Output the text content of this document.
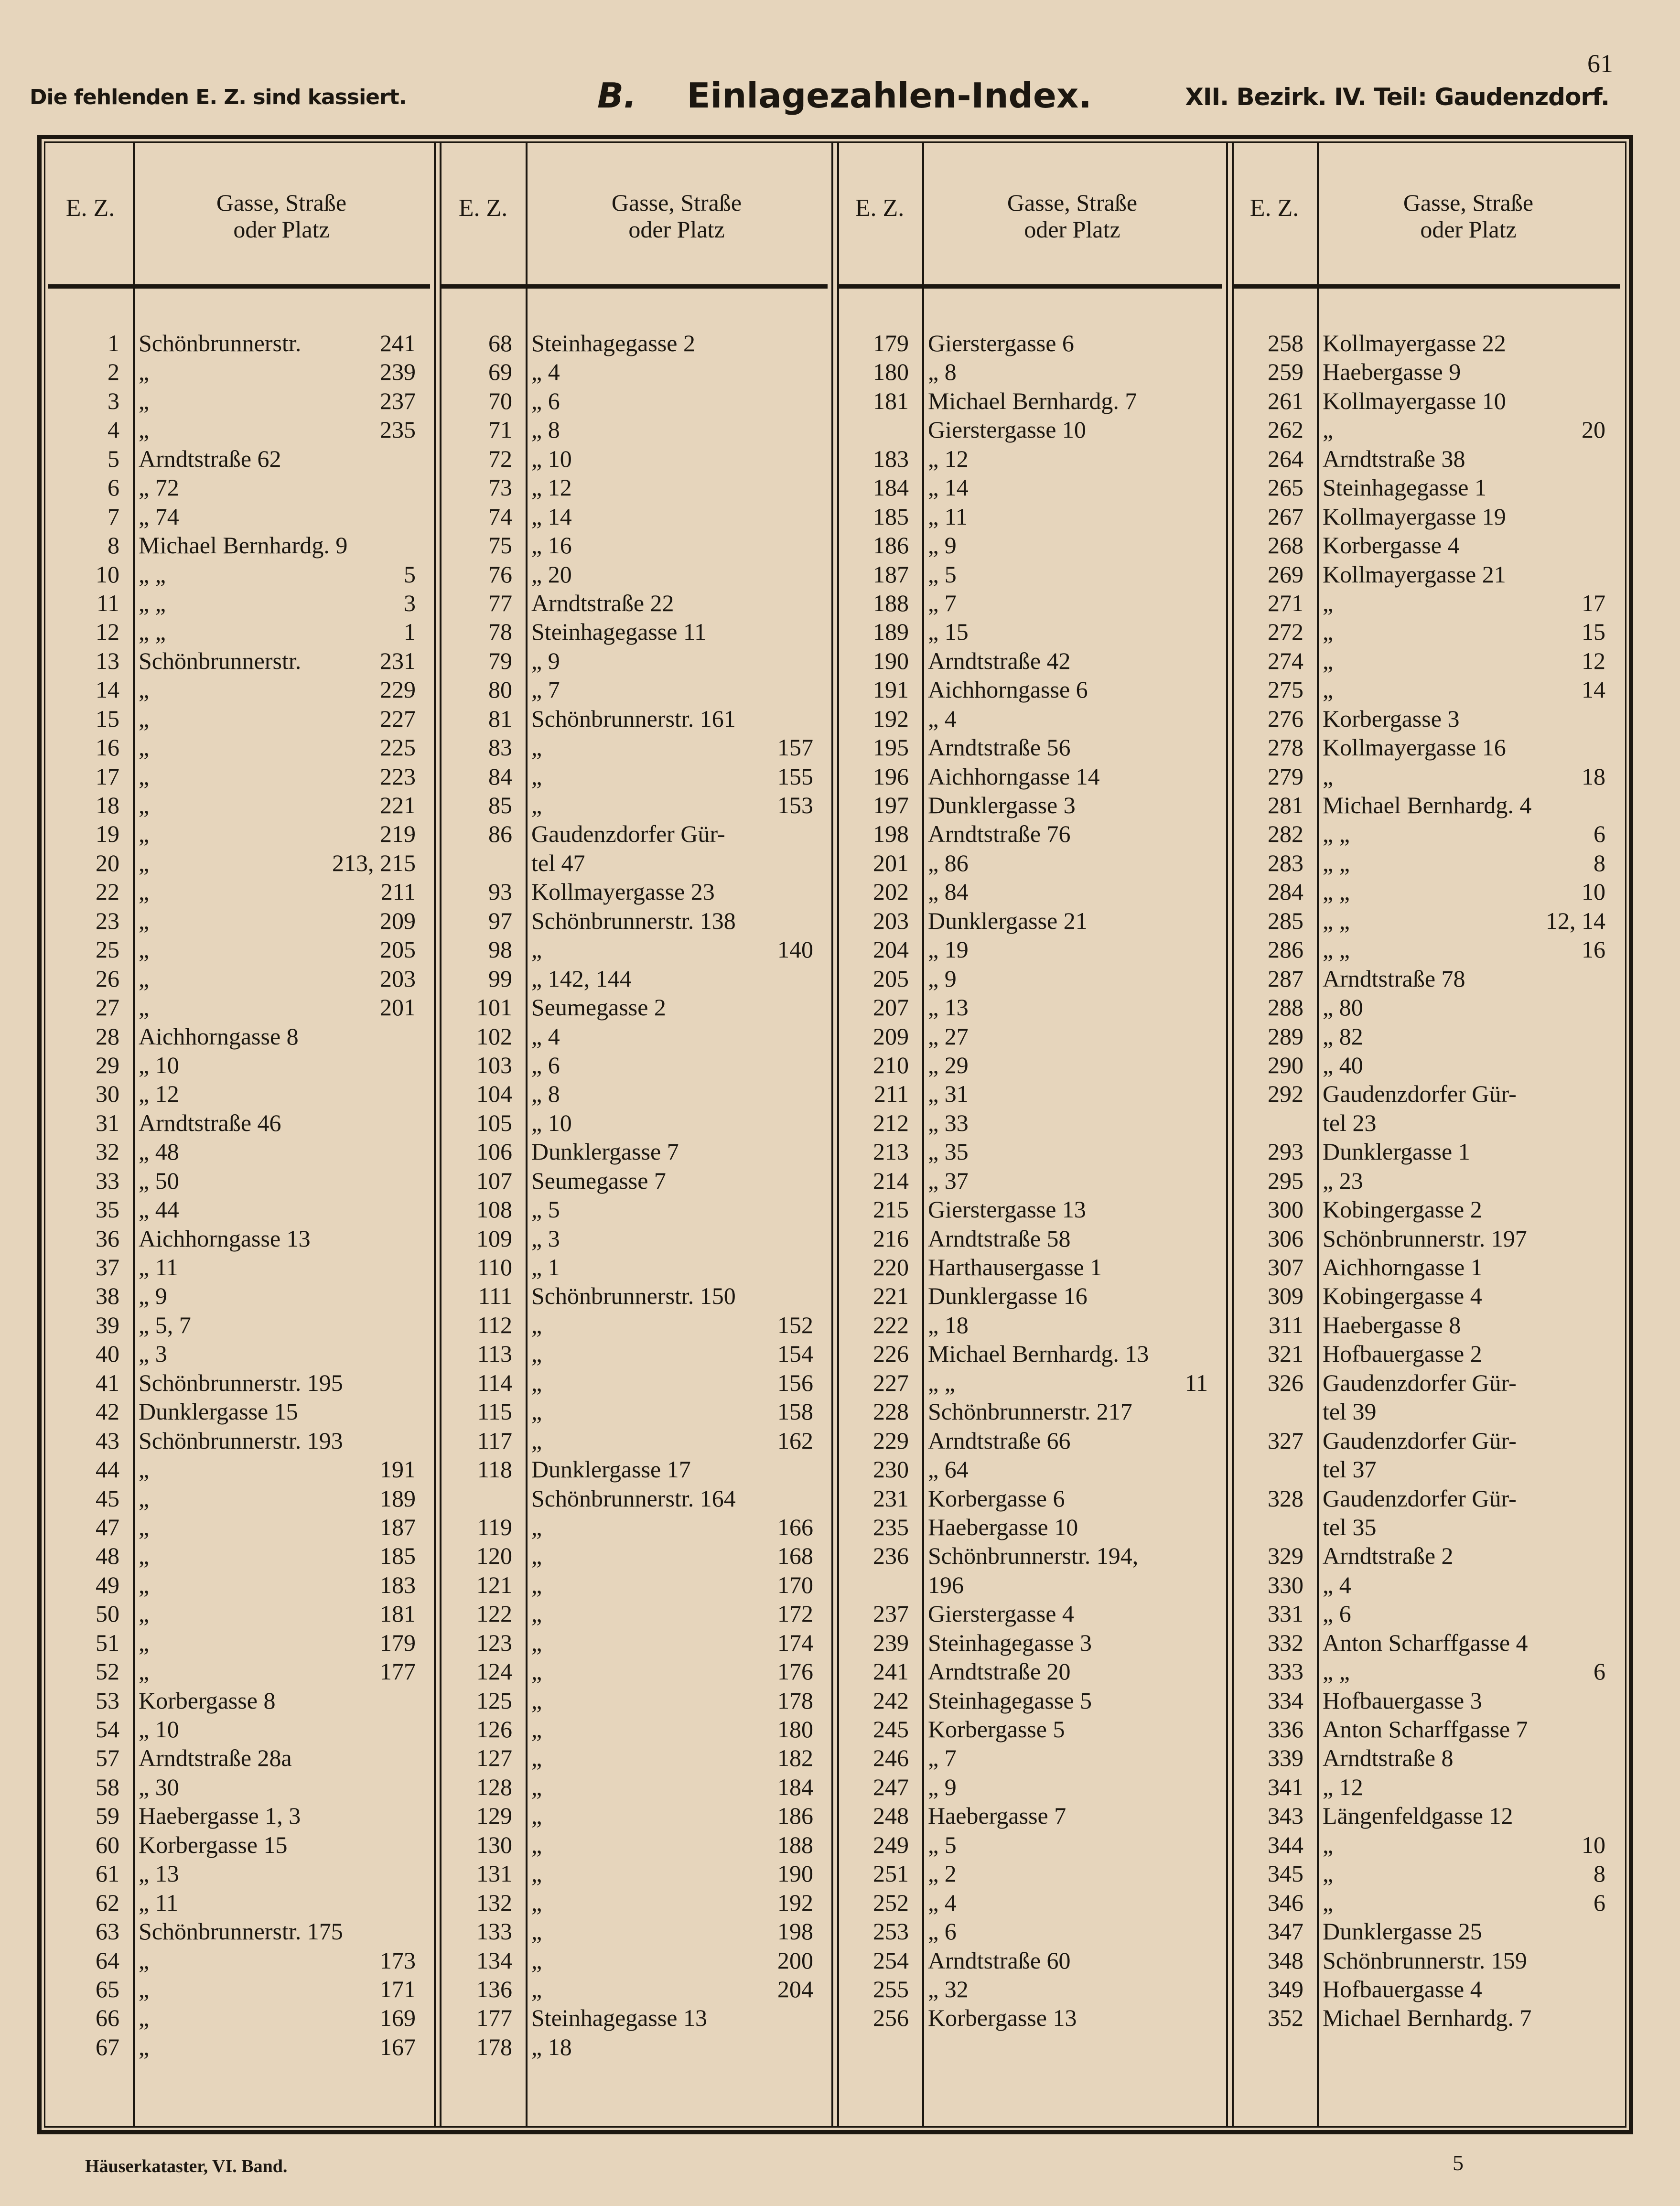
61
Die fehlenden E. Z. sind kassiert.	B. Einlagezahlen-Index.	XII. Bezirk. IV. Teil: Gaudenzdorf.
E. Z.	Gasse, Straße
oder Platz
1 Schönbrunnerstr.	241
2 „	239
3 „	237
4 „	235
5 Arndtstraße 62
6 „ 72
7 „ 74
8 Michael Bernhardg. 9
10 „ „	5
11 „ „	3
12 „ „	1
13 Schönbrunnerstr.	231
14 „	229
15 „	227
16 „	225
17 „	223
18 „	221
19 „	219
20 „	213, 215
22 „	211
23 „	209
25 „	205
26 „	203
27 „	201
28 Aichhorngasse 8
29 „ 10
30 „ 12
31 Arndtstraße 46
32 „ 48
33 „ 50
35 „ 44
36 Aichhorngasse 13
37 „ 11
38 „ 9
39 „ 5, 7
40 „ 3
41 Schönbrunnerstr. 195
42 Dunklergasse 15
43 Schönbrunnerstr. 193
44 „	191
45 „	189
47 „	187
48 „	185
49 „	183
50 „	181
51 „	179
52 „	177
53 Korbergasse 8
54 „ 10
57 Arndtstraße 28a
58 „ 30
59 Haebergasse 1, 3
60 Korbergasse 15
61 „ 13
62 „ 11
63 Schönbrunnerstr. 175
64 „	173
65 „	171
66 „	169
67 „	167
E. Z.	Gasse, Straße
oder Platz
68 Steinhagegasse 2
69 „ 4
70 „ 6
71 „ 8
72 „ 10
73 „ 12
74 „ 14
75 „ 16
76 „ 20
77 Arndtstraße 22
78 Steinhagegasse 11
79 „ 9
80 „ 7
81 Schönbrunnerstr. 161
83 „	157
84 „	155
85 „	153
86 Gaudenzdorfer Gür-
tel 47
93 Kollmayergasse 23
97 Schönbrunnerstr. 138
98 „	140
99 „ 142, 144
101 Seumegasse 2
102 „ 4
103 „ 6
104 „ 8
105 „ 10
106 Dunklergasse 7
107 Seumegasse 7
108 „ 5
109 „ 3
110 „ 1
111 Schönbrunnerstr. 150
112 „	152
113 „	154
114 „	156
115 „	158
117 „	162
118 Dunklergasse 17
Schönbrunnerstr. 164
119 „	166
120 „	168
121 „	170
122 „	172
123 „	174
124 „	176
125 „	178
126 „	180
127 „	182
128 „	184
129 „	186
130 „	188
131 „	190
132 „	192
133 „	198
134 „	200
136 „	204
177 Steinhagegasse 13
178 „ 18
E. Z.	Gasse, Straße
oder Platz
179 Gierstergasse 6
180 „ 8
181 Michael Bernhardg. 7
Gierstergasse 10
183 „ 12
184 „ 14
185 „ 11
186 „ 9
187 „ 5
188 „ 7
189 „ 15
190 Arndtstraße 42
191 Aichhorngasse 6
192 „ 4
195 Arndtstraße 56
196 Aichhorngasse 14
197 Dunklergasse 3
198 Arndtstraße 76
201 „ 86
202 „ 84
203 Dunklergasse 21
204 „ 19
205 „ 9
207 „ 13
209 „ 27
210 „ 29
211 „ 31
212 „ 33
213 „ 35
214 „ 37
215 Gierstergasse 13
216 Arndtstraße 58
220 Harthausergasse 1
221 Dunklergasse 16
222 „ 18
226 Michael Bernhardg. 13
227 „ „	11
228 Schönbrunnerstr. 217
229 Arndtstraße 66
230 „ 64
231 Korbergasse 6
235 Haebergasse 10
236 Schönbrunnerstr. 194,
196
237 Gierstergasse 4
239 Steinhagegasse 3
241 Arndtstraße 20
242 Steinhagegasse 5
245 Korbergasse 5
246 „ 7
247 „ 9
248 Haebergasse 7
249 „ 5
251 „ 2
252 „ 4
253 „ 6
254 Arndtstraße 60
255 „ 32
256 Korbergasse 13
E. Z.	Gasse, Straße
oder Platz
258 Kollmayergasse 22
259 Haebergasse 9
261 Kollmayergasse 10
262 „	20
264 Arndtstraße 38
265 Steinhagegasse 1
267 Kollmayergasse 19
268 Korbergasse 4
269 Kollmayergasse 21
271 „	17
272 „	15
274 „	12
275 „	14
276 Korbergasse 3
278 Kollmayergasse 16
279 „	18
281 Michael Bernhardg. 4
282 „ „	6
283 „ „	8
284 „ „	10
285 „ „	12, 14
286 „ „	16
287 Arndtstraße 78
288 „ 80
289 „ 82
290 „ 40
292 Gaudenzdorfer Gür-
tel 23
293 Dunklergasse 1
295 „ 23
300 Kobingergasse 2
306 Schönbrunnerstr. 197
307 Aichhorngasse 1
309 Kobingergasse 4
311 Haebergasse 8
321 Hofbauergasse 2
326 Gaudenzdorfer Gür-
tel 39
327 Gaudenzdorfer Gür-
tel 37
328 Gaudenzdorfer Gür-
tel 35
329 Arndtstraße 2
330 „ 4
331 „ 6
332 Anton Scharffgasse 4
333 „ „	6
334 Hofbauergasse 3
336 Anton Scharffgasse 7
339 Arndtstraße 8
341 „ 12
343 Längenfeldgasse 12
344 „	10
345 „	8
346 „	6
347 Dunklergasse 25
348 Schönbrunnerstr. 159
349 Hofbauergasse 4
352 Michael Bernhardg. 7
Häuserkataster, VI. Band.	5
